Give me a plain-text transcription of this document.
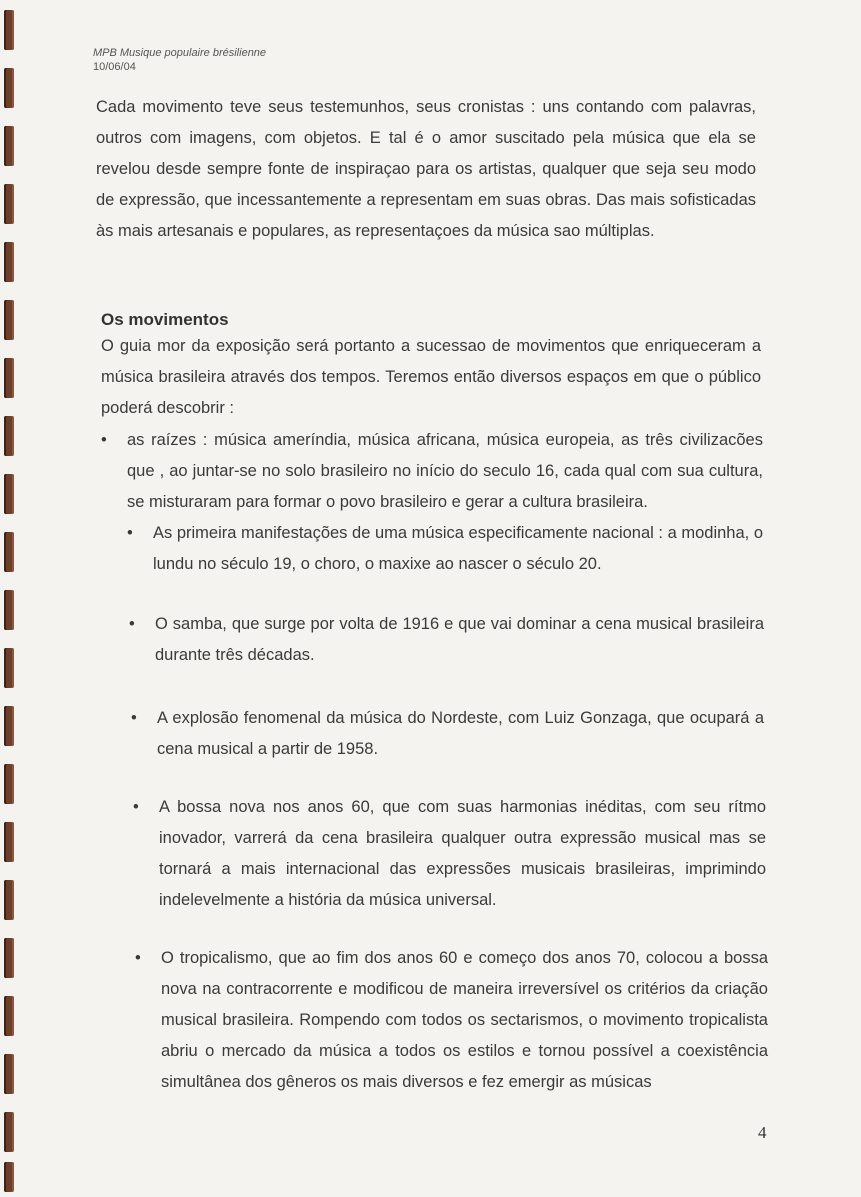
MPB Musique populaire brésilienne
10/06/04
Cada movimento teve seus testemunhos, seus cronistas : uns contando com palavras, outros com imagens, com objetos. E tal é o amor suscitado pela música que ela se revelou desde sempre fonte de inspiraçao para os artistas, qualquer que seja seu modo de expressão, que incessantemente a representam em suas obras. Das mais sofisticadas às mais artesanais e populares, as representaçoes da música sao múltiplas.
Os movimentos
O guia mor da exposição será portanto a sucessao de movimentos que enriqueceram a música brasileira através dos tempos. Teremos então diversos espaços em que o público poderá descobrir :
• as raízes : música ameríndia, música africana, música europeia, as três civilizacões que , ao juntar-se no solo brasileiro no início do seculo 16, cada qual com sua cultura, se misturaram para formar o povo brasileiro e gerar a cultura brasileira.
• As primeira manifestações de uma música especificamente nacional : a modinha, o lundu no século 19, o choro, o maxixe ao nascer o século 20.
• O samba, que surge por volta de 1916 e que vai dominar a cena musical brasileira durante três décadas.
• A explosão fenomenal da música do Nordeste, com Luiz Gonzaga, que ocupará a cena musical a partir de 1958.
• A bossa nova nos anos 60, que com suas harmonias inéditas, com seu rítmo inovador, varrerá da cena brasileira qualquer outra expressão musical mas se tornará a mais internacional das expressões musicais brasileiras, imprimindo indelevelmente a história da música universal.
• O tropicalismo, que ao fim dos anos 60 e começo dos anos 70, colocou a bossa nova na contracorrente e modificou de maneira irreversível os critérios da criação musical brasileira. Rompendo com todos os sectarismos, o movimento tropicalista abriu o mercado da música a todos os estilos e tornou possível a coexistência simultânea dos gêneros os mais diversos e fez emergir as músicas
4
